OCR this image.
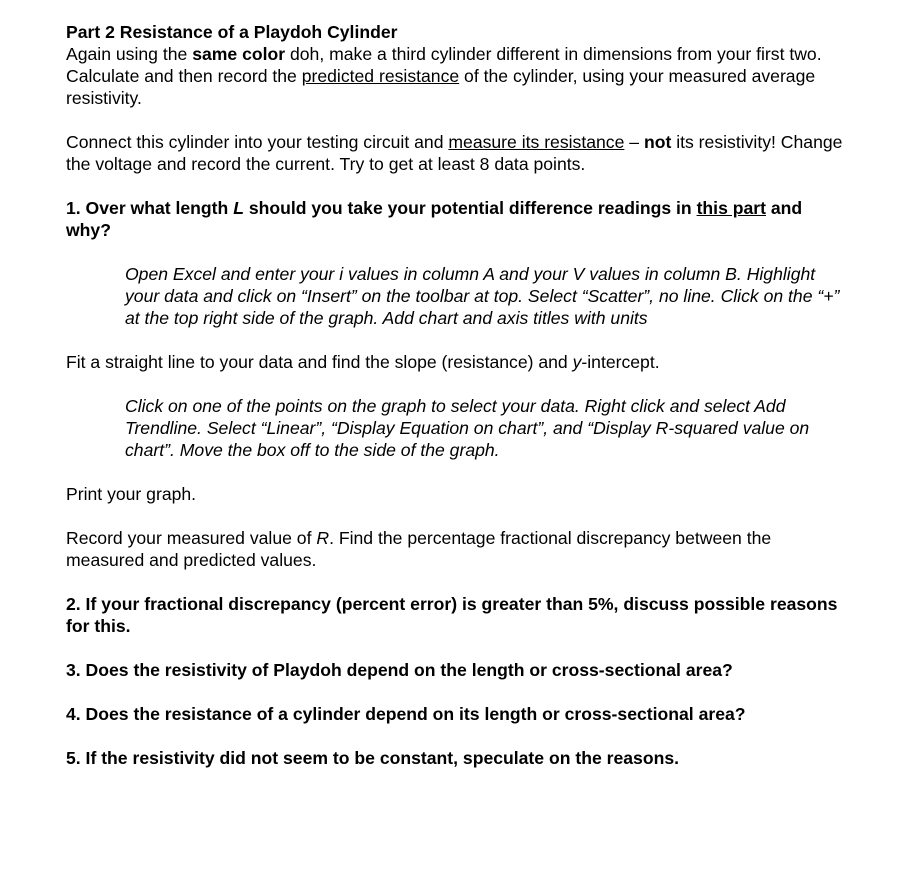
Part 2 Resistance of a Playdoh Cylinder

Again using the same color doh, make a third cylinder different in dimensions from your first two. Calculate and then record the predicted resistance of the cylinder, using your measured average resistivity.

Connect this cylinder into your testing circuit and measure its resistance – not its resistivity! Change the voltage and record the current. Try to get at least 8 data points.

1. Over what length L should you take your potential difference readings in this part and why?

Open Excel and enter your i values in column A and your V values in column B. Highlight your data and click on “Insert” on the toolbar at top. Select “Scatter”, no line. Click on the “+” at the top right side of the graph. Add chart and axis titles with units

Fit a straight line to your data and find the slope (resistance) and y-intercept.

Click on one of the points on the graph to select your data. Right click and select Add Trendline. Select “Linear”, “Display Equation on chart”, and “Display R-squared value on chart”. Move the box off to the side of the graph.

Print your graph.

Record your measured value of R. Find the percentage fractional discrepancy between the measured and predicted values.

2. If your fractional discrepancy (percent error) is greater than 5%, discuss possible reasons for this.

3. Does the resistivity of Playdoh depend on the length or cross-sectional area?

4. Does the resistance of a cylinder depend on its length or cross-sectional area?

5. If the resistivity did not seem to be constant, speculate on the reasons.
